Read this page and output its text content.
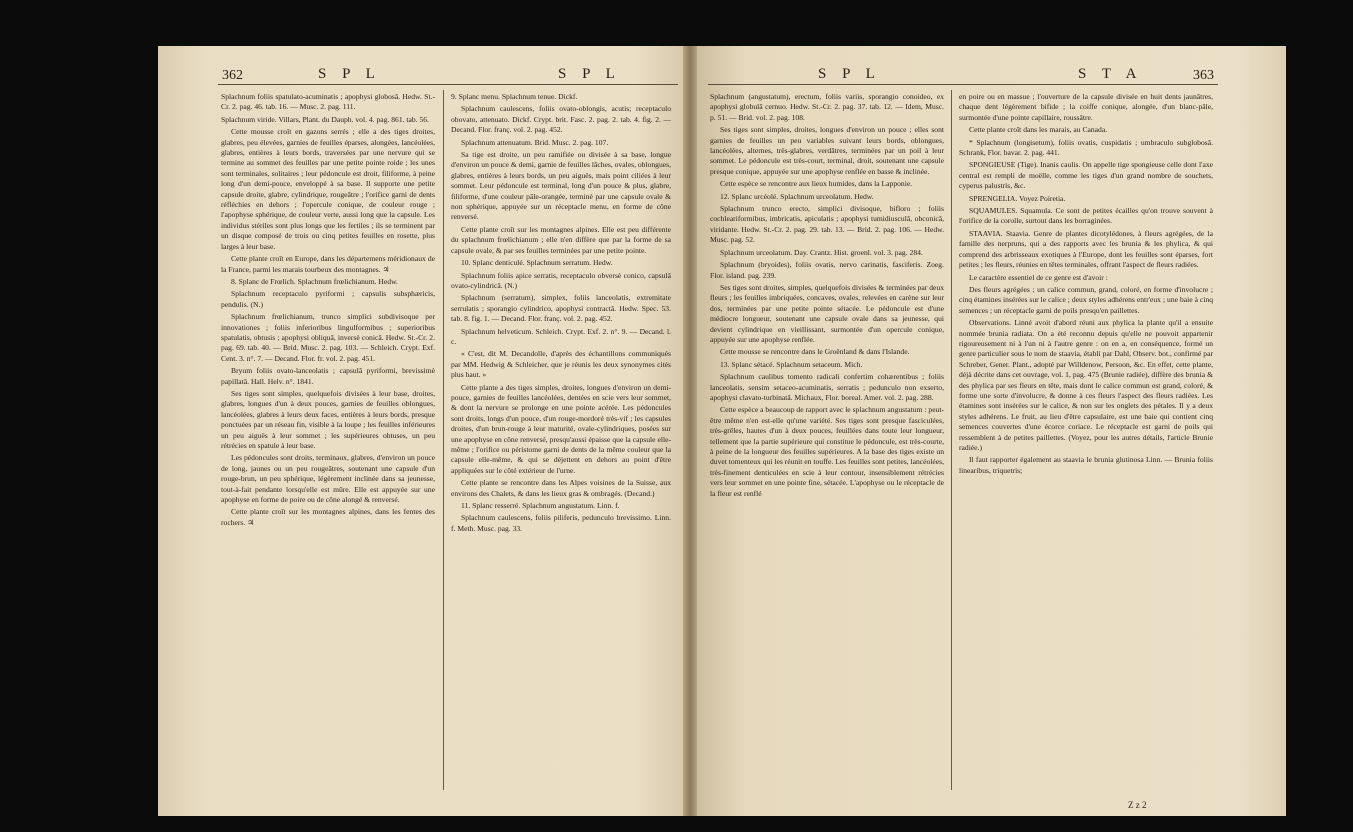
362	S P L	S P L

Splachnum foliis spatulato-acuminatis ; apophysi globosâ. Hedw. St.-Cr. 2. pag. 46. tab. 16. — Musc. 2. pag. 111.

Splachnum viride. Villars, Plant. du Dauph. vol. 4. pag. 861. tab. 56.

Cette mousse croît en gazons serrés ; elle a des tiges droites, glabres, peu élevées, garnies de feuilles éparses, alongées, lancéolées, glabres, entières à leurs bords, traversées par une nervure qui se termine au sommet des feuilles par une petite pointe roide ; les unes sont terminales, solitaires ; leur pédoncule est droit, filiforme, à peine long d'un demi-pouce, enveloppé à sa base. Il supporte une petite capsule droite, glabre, cylindrique, rougeâtre ; l'orifice garni de dents réfléchies en dehors ; l'opercule conique, de couleur rouge ; l'apophyse sphérique, de couleur verte, aussi long que la capsule. Les individus stériles sont plus longs que les fertiles ; ils se terminent par un disque composé de trois ou cinq petites feuilles en rosette, plus larges à leur base.

Cette plante croît en Europe, dans les départemens méridionaux de la France, parmi les marais tourbeux des montagnes. ♃

8. Splanc de Frœlich. Splachnum frœlichianum. Hedw.

Splachnum receptaculo pyriformi ; capsulis subsphæricis, pendulis. (N.)

Splachnum frœlichianum, trunco simplici subdivisoque per innovationes ; foliis inferioribus lingulformibus ; superioribus spatulatis, obtusis ; apophysi obliquâ, inversè conicâ. Hedw. St.-Cr. 2. pag. 69. tab. 40. — Brid. Musc. 2. pag. 103. — Schleich. Crypt. Exf. Cent. 3. n°. 7. — Decand. Flor. fr. vol. 2. pag. 451.

Bryum foliis ovato-lanceolatis ; capsulâ pyriformi, brevissimè papillatâ. Hall. Helv. n°. 1841.

Ses tiges sont simples, quelquefois divisées à leur base, droites, glabres, longues d'un à deux pouces, garnies de feuilles oblongues, lancéolées, glabres à leurs deux faces, entières à leurs bords, presque ponctuées par un réseau fin, visible à la loupe ; les feuilles inférieures un peu aiguës à leur sommet ; les supérieures obtuses, un peu rétrécies en spatule à leur base.

Les pédoncules sont droits, terminaux, glabres, d'environ un pouce de long, jaunes ou un peu rougeâtres, soutenant une capsule d'un rouge-brun, un peu sphérique, légèrement inclinée dans sa jeunesse, tout-à-fait pendante lorsqu'elle est mûre. Elle est appuyée sur une apophyse en forme de poire ou de cône alongé & renversé.

Cette plante croît sur les montagnes alpines, dans les fentes des rochers. ♃

9. Splanc menu. Splachnum tenue. Dickf.

Splachnum caulescens, foliis ovato-oblongis, acutis; receptaculo obovato, attenuato. Dickf. Crypt. brit. Fasc. 2. pag. 2. tab. 4. fig. 2. — Decand. Flor. franç. vol. 2. pag. 452.

Splachnum attenuatum. Brid. Musc. 2. pag. 107.

Sa tige est droite, un peu ramifiée ou divisée à sa base, longue d'environ un pouce & demi, garnie de feuilles lâches, ovales, oblongues, glabres, entières à leurs bords, un peu aiguës, mais point ciliées à leur sommet. Leur pédoncule est terminal, long d'un pouce & plus, glabre, filiforme, d'une couleur pâle-orangée, terminé par une capsule ovale & non sphérique, appuyée sur un réceptacle menu, en forme de cône renversé.

Cette plante croît sur les montagnes alpines. Elle est peu différente du splachnum frœlichianum ; elle n'en diffère que par la forme de sa capsule ovale, & par ses feuilles terminées par une petite pointe.

10. Splanc denticulé. Splachnum serratum. Hedw.

Splachnum foliis apice serratis, receptaculo obversè conico, capsulâ ovato-cylindricâ. (N.)

Splachnum (serratum), simplex, foliis lanceolatis, extremitate serrulatis ; sporangio cylindrico, apophysi contractâ. Hedw. Spec. 53. tab. 8. fig. 1. — Decand. Flor. franç. vol. 2. pag. 452.

Splachnum helveticum. Schleich. Crypt. Exf. 2. n°. 9. — Decand. l. c.

« C'est, dit M. Decandolle, d'après des échantillons communiqués par MM. Hedwig & Schleicher, que je réunis les deux synonymes cités plus haut. »

Cette plante a des tiges simples, droites, longues d'environ un demi-pouce, garnies de feuilles lancéolées, dentées en scie vers leur sommet, & dont la nervure se prolonge en une pointe acérée. Les pédoncules sont droits, longs d'un pouce, d'un rouge-mordoré très-vif ; les capsules droites, d'un brun-rouge à leur maturité, ovale-cylindriques, posées sur une apophyse en cône renversé, presqu'aussi épaisse que la capsule elle-même ; l'orifice ou péristome garni de dents de la même couleur que la capsule elle-même, & qui se déjettent en dehors au point d'être appliquées sur le côté extérieur de l'urne.

Cette plante se rencontre dans les Alpes voisines de la Suisse, aux environs des Chalets, & dans les lieux gras & ombragés. (Decand.)

11. Splanc resserré. Splachnum angustatum. Linn. f.

Splachnum caulescens, foliis piliferis, pedunculo brevissimo. Linn. f. Meth. Musc. pag. 33.

S P L	S T A	363

Splachnum (angustatum), erectum, foliis variis, sporangio conoideo, ex apophysi globulâ cernuo. Hedw. St.-Cr. 2. pag. 37. tab. 12. — Idem, Musc. p. 51. — Brid. vol. 2. pag. 108.

Ses tiges sont simples, droites, longues d'environ un pouce ; elles sont garnies de feuilles un peu variables suivant leurs bords, oblongues, lancéolées, alternes, très-glabres, verdâtres, terminées par un poil à leur sommet. Le pédoncule est très-court, terminal, droit, soutenant une capsule presque conique, appuyée sur une apophyse renflée en basse & inclinée.

Cette espèce se rencontre aux lieux humides, dans la Lapponie.

12. Splanc urcéolé. Splachnum urceolatum. Hedw.

Splachnum trunco erecto, simplici divisoque, bifloro ; foliis cochleariformibus, imbricatis, apiculatis ; apophysi tumidiusculâ, obconicâ, viridante. Hedw. St.-Cr. 2. pag. 29. tab. 13. — Brid. 2. pag. 106. — Hedw. Musc. pag. 52.

Splachnum urceolatum. Day. Crantz. Hist. groenl. vol. 3. pag. 284.

Splachnum (bryoides), foliis ovatis, nervo carinatis, fasciferis. Zoeg. Flor. island. pag. 239.

Ses tiges sont droites, simples, quelquefois divisées & terminées par deux fleurs ; les feuilles imbriquées, concaves, ovales, relevées en carène sur leur dos, terminées par une petite pointe sétacée. Le pédoncule est d'une médiocre longueur, soutenant une capsule ovale dans sa jeunesse, qui devient cylindrique en vieillissant, surmontée d'un opercule conique, appuyée sur une apophyse renflée.

Cette mousse se rencontre dans le Groënland & dans l'Islande.

13. Splanc sétacé. Splachnum setaceum. Mich.

Splachnum caulibus tomento radicali confertim cohærentibus ; foliis lanceolatis, sensim setaceo-acuminatis, serratis ; pedunculo non exserto, apophysi clavato-turbinatâ. Michaux, Flor. boreal. Amer. vol. 2. pag. 288.

Cette espèce a beaucoup de rapport avec le splachnum angustatum : peut-être même n'en est-elle qu'une variété. Ses tiges sont presque fasciculées, très-grêles, hautes d'un à deux pouces, feuillées dans toute leur longueur, tellement que la partie supérieure qui constitue le pédoncule, est très-courte, à peine de la longueur des feuilles supérieures. A la base des tiges existe un duvet tomenteux qui les réunit en touffe. Les feuilles sont petites, lancéolées, très-finement denticulées en scie à leur contour, insensiblement rétrécies vers leur sommet en une pointe fine, sétacée. L'apophyse ou le réceptacle de la fleur est renflé

en poire ou en massue ; l'ouverture de la capsule divisée en huit dents jaunâtres, chaque dent légèrement bifide ; la coiffe conique, alongée, d'un blanc-pâle, surmontée d'une pointe capillaire, roussâtre.

Cette plante croît dans les marais, au Canada.

* Splachnum (longisetum), foliis ovatis, cuspidatis ; umbraculo subglobosâ. Schrank, Flor. bavar. 2. pag. 441.

SPONGIEUSE (Tige). Inanis caulis. On appelle tige spongieuse celle dont l'axe central est rempli de moëlle, comme les tiges d'un grand nombre de souchets, cyperus palustris, &c.

SPRENGELIA. Voyez Poiretia.

SQUAMULES. Squamula. Ce sont de petites écailles qu'on trouve souvent à l'orifice de la corolle, surtout dans les borraginées.

STAAVIA. Staavia. Genre de plantes dicotylédones, à fleurs agrégées, de la famille des nerpruns, qui a des rapports avec les brunia & les phylica, & qui comprend des arbrisseaux exotiques à l'Europe, dont les feuilles sont éparses, fort petites ; les fleurs, réunies en têtes terminales, offrant l'aspect de fleurs radiées.

Le caractère essentiel de ce genre est d'avoir :

Des fleurs agrégées ; un calice commun, grand, coloré, en forme d'involucre ; cinq étamines insérées sur le calice ; deux styles adhérens entr'eux ; une baie à cinq semences ; un réceptacle garni de poils presqu'en paillettes.

Observations. Linné avoit d'abord réuni aux phylica la plante qu'il a ensuite nommée brunia radiata. On a été reconnu depuis qu'elle ne pouvoit appartenir rigoureusement ni à l'un ni à l'autre genre : on en a, en conséquence, formé un genre particulier sous le nom de staavia, établi par Dahl, Observ. bot., confirmé par Schreber, Gener. Plant., adopté par Willdenow, Persoon, &c. En effet, cette plante, déjà décrite dans cet ouvrage, vol. 1, pag. 475 (Brunie radiée), diffère des brunia & des phylica par ses fleurs en tête, mais dont le calice commun est grand, coloré, & forme une sorte d'involucre, & donne à ces fleurs l'aspect des fleurs radiées. Les étamines sont insérées sur le calice, & non sur les onglets des pétales. Il y a deux styles adhérens. Le fruit, au lieu d'être capsulaire, est une baie qui contient cinq semences couvertes d'une écorce coriace. Le réceptacle est garni de poils qui ressemblent à de petites paillettes. (Voyez, pour les autres détails, l'article Brunie radiée.)

Il faut rapporter également au staavia le brunia glutinosa Linn. — Brunia foliis linearibus, triquetris;

Z z 2
